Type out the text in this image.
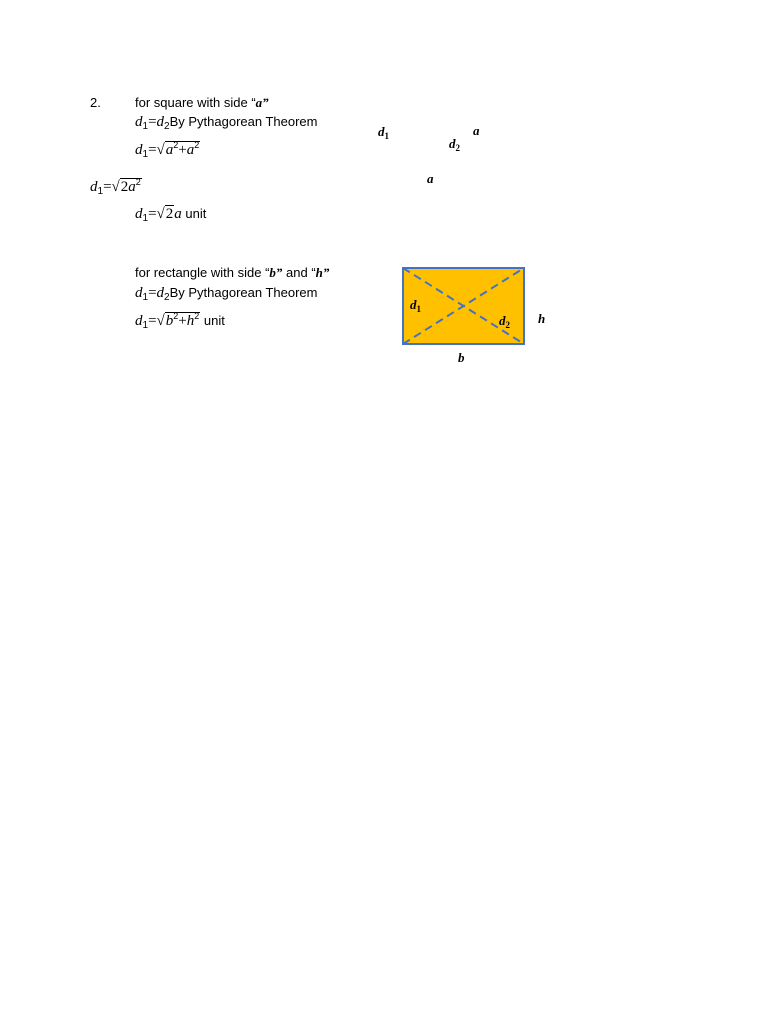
2.	for square with side “a”
$d_1=d_2By$ Pythagorean Theorem
$d_1=√a^2+a^2$
$d_1=√2a^2$
$d_1=√2a$ unit
$d_1$	$d_2$
a
a
for rectangle with side “b” and “h”
$d_1=d_2By$ Pythagorean Theorem
$d_1=√b^2+h^2$ unit
$d_1$
$d_2$ h
b
